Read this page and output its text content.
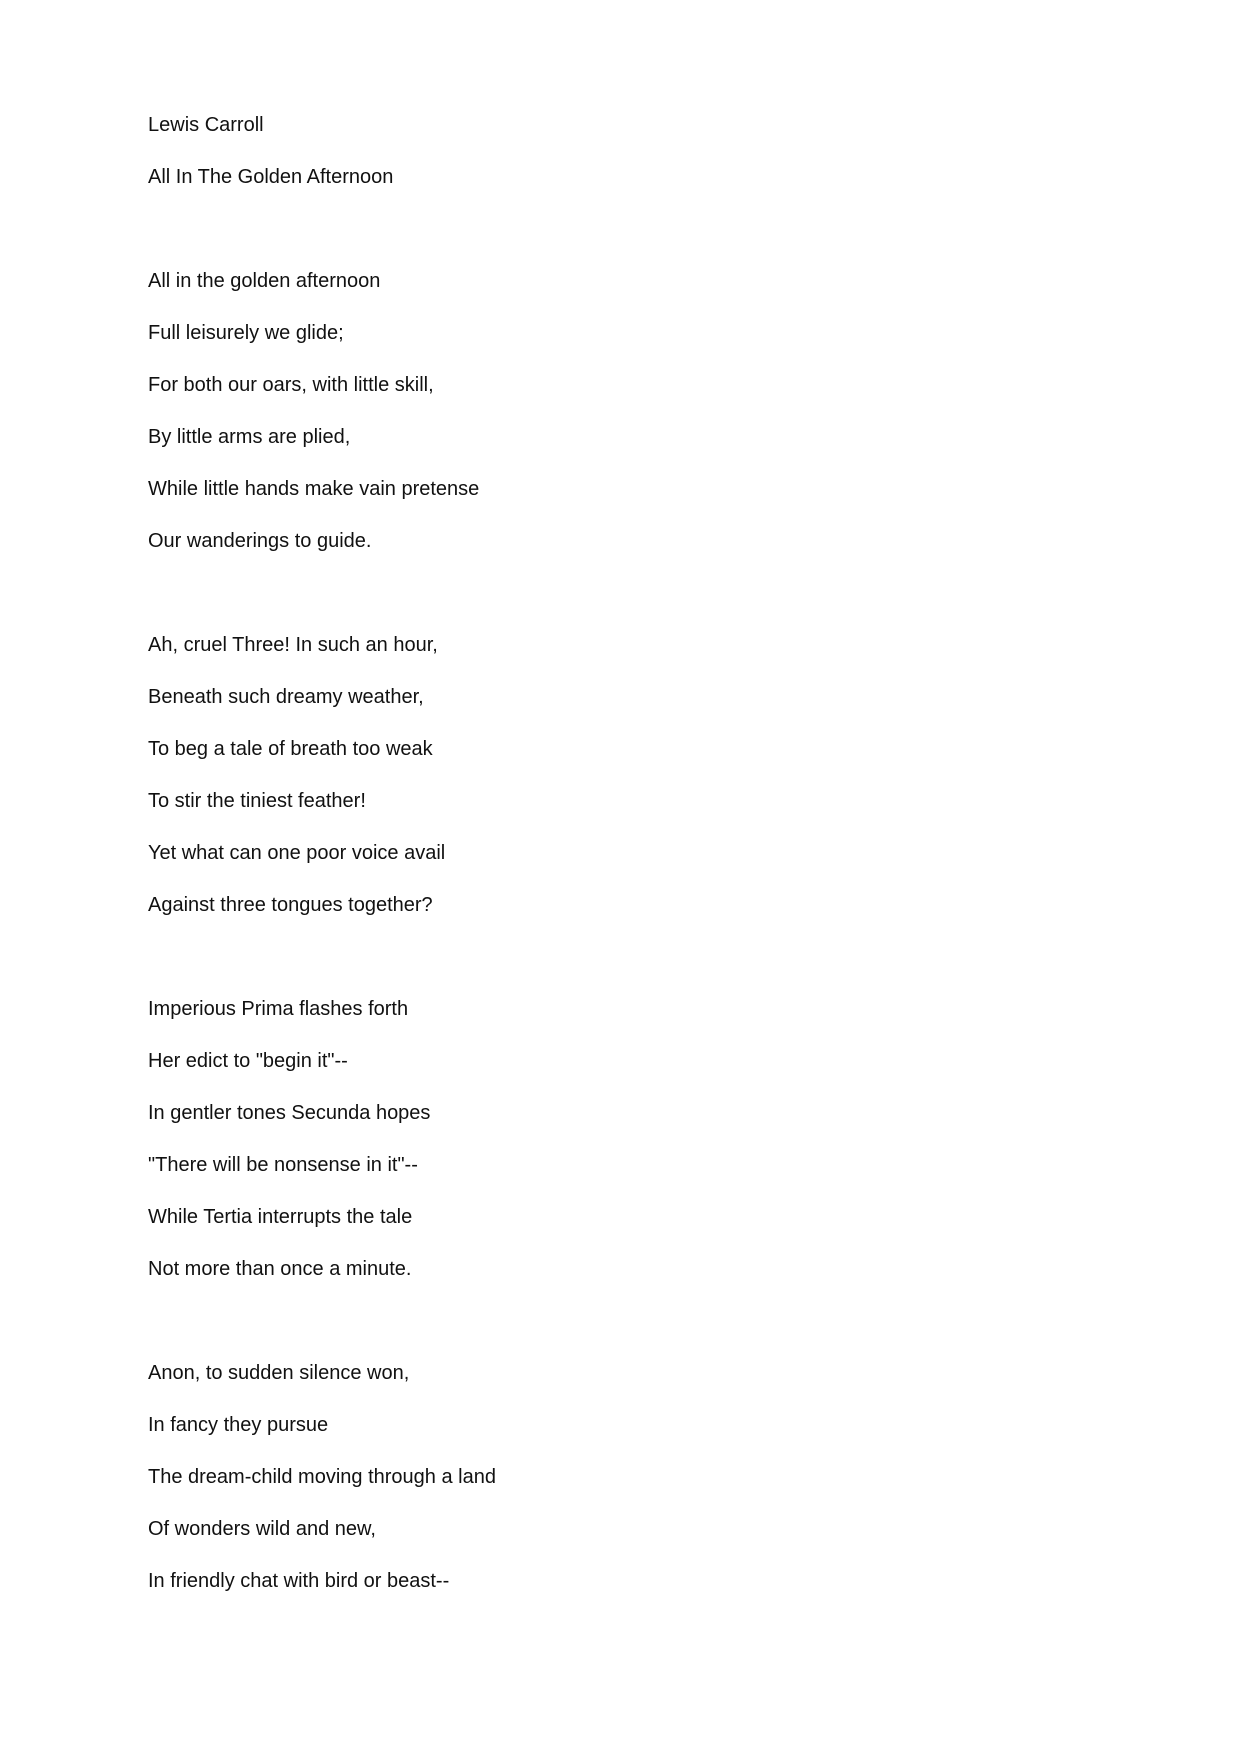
Lewis Carroll

All In The Golden Afternoon

All in the golden afternoon

Full leisurely we glide;

For both our oars, with little skill,

By little arms are plied,

While little hands make vain pretense

Our wanderings to guide.

Ah, cruel Three! In such an hour,

Beneath such dreamy weather,

To beg a tale of breath too weak

To stir the tiniest feather!

Yet what can one poor voice avail

Against three tongues together?

Imperious Prima flashes forth

Her edict to "begin it"--

In gentler tones Secunda hopes

"There will be nonsense in it"--

While Tertia interrupts the tale

Not more than once a minute.

Anon, to sudden silence won,

In fancy they pursue

The dream-child moving through a land

Of wonders wild and new,

In friendly chat with bird or beast--
